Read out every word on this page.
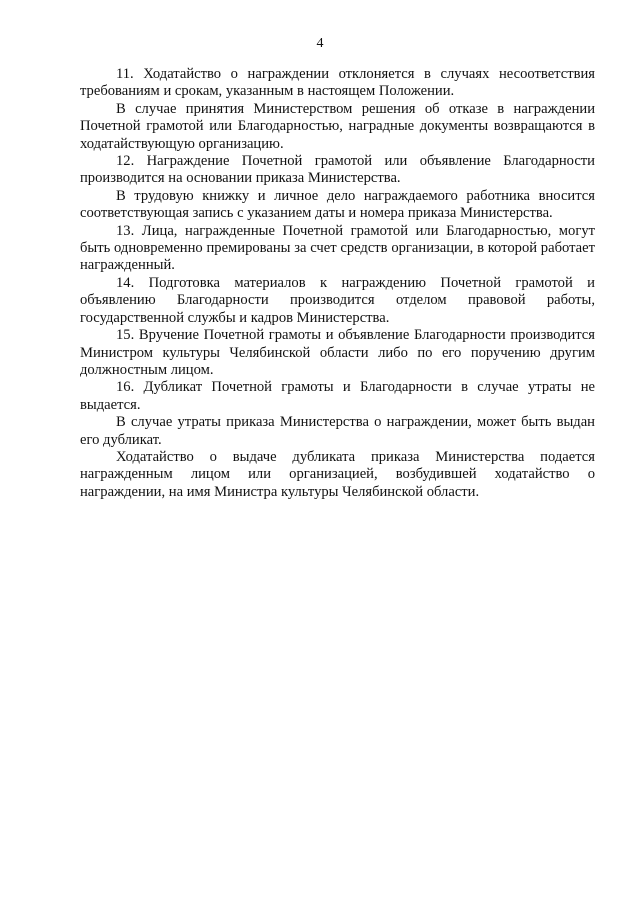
4

11. Ходатайство о награждении отклоняется в случаях несоответствия требованиям и срокам, указанным в настоящем Положении.

В случае принятия Министерством решения об отказе в награждении Почетной грамотой или Благодарностью, наградные документы возвращаются в ходатайствующую организацию.

12. Награждение Почетной грамотой или объявление Благодарности производится на основании приказа Министерства.

В трудовую книжку и личное дело награждаемого работника вносится соответствующая запись с указанием даты и номера приказа Министерства.

13. Лица, награжденные Почетной грамотой или Благодарностью, могут быть одновременно премированы за счет средств организации, в которой работает награжденный.

14. Подготовка материалов к награждению Почетной грамотой и объявлению Благодарности производится отделом правовой работы, государственной службы и кадров Министерства.

15. Вручение Почетной грамоты и объявление Благодарности производится Министром культуры Челябинской области либо по его поручению другим должностным лицом.

16. Дубликат Почетной грамоты и Благодарности в случае утраты не выдается.

В случае утраты приказа Министерства о награждении, может быть выдан его дубликат.

Ходатайство о выдаче дубликата приказа Министерства подается награжденным лицом или организацией, возбудившей ходатайство о награждении, на имя Министра культуры Челябинской области.
